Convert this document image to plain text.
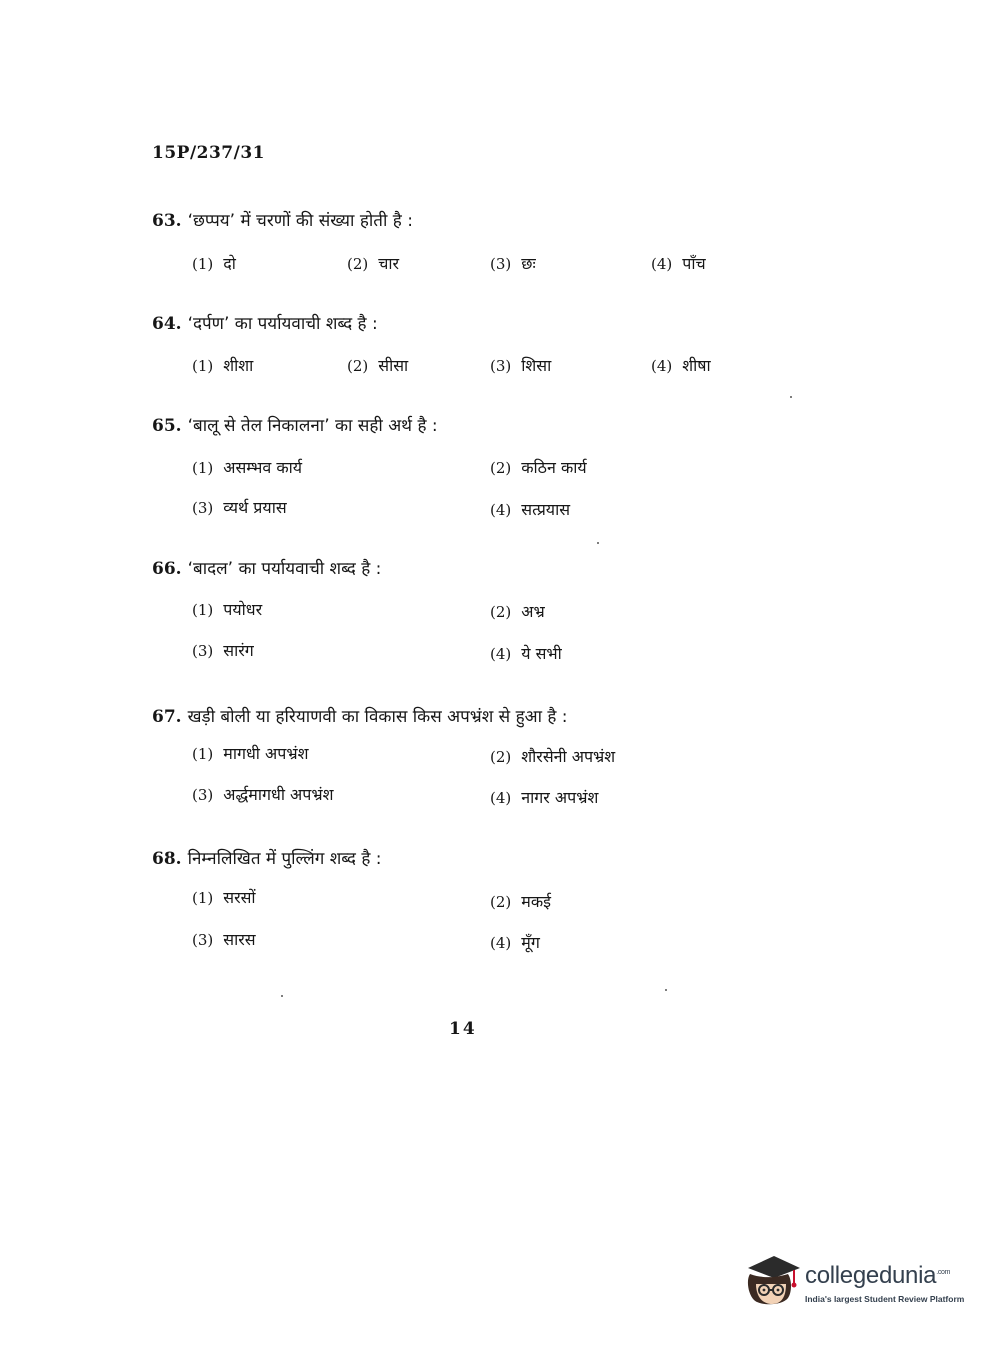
15P/237/31
63. ‘छप्पय’ में चरणों की संख्या होती है :
(1) दो	(2) चार	(3) छः	(4) पाँच
64. ‘दर्पण’ का पर्यायवाची शब्द है :
(1) शीशा	(2) सीसा	(3) शिसा	(4) शीषा
65. ‘बालू से तेल निकालना’ का सही अर्थ है :
(1) असम्भव कार्य	(2) कठिन कार्य
(3) व्यर्थ प्रयास	(4) सत्प्रयास
66. ‘बादल’ का पर्यायवाची शब्द है :
(1) पयोधर	(2) अभ्र
(3) सारंग	(4) ये सभी
67. खड़ी बोली या हरियाणवी का विकास किस अपभ्रंश से हुआ है :
(1) मागधी अपभ्रंश	(2) शौरसेनी अपभ्रंश
(3) अर्द्धमागधी अपभ्रंश	(4) नागर अपभ्रंश
68. निम्नलिखित में पुल्लिंग शब्द है :
(1) सरसों	(2) मकई
(3) सारस	(4) मूँग
14
collegedunia$^{.com}$
India's largest Student Review Platform
